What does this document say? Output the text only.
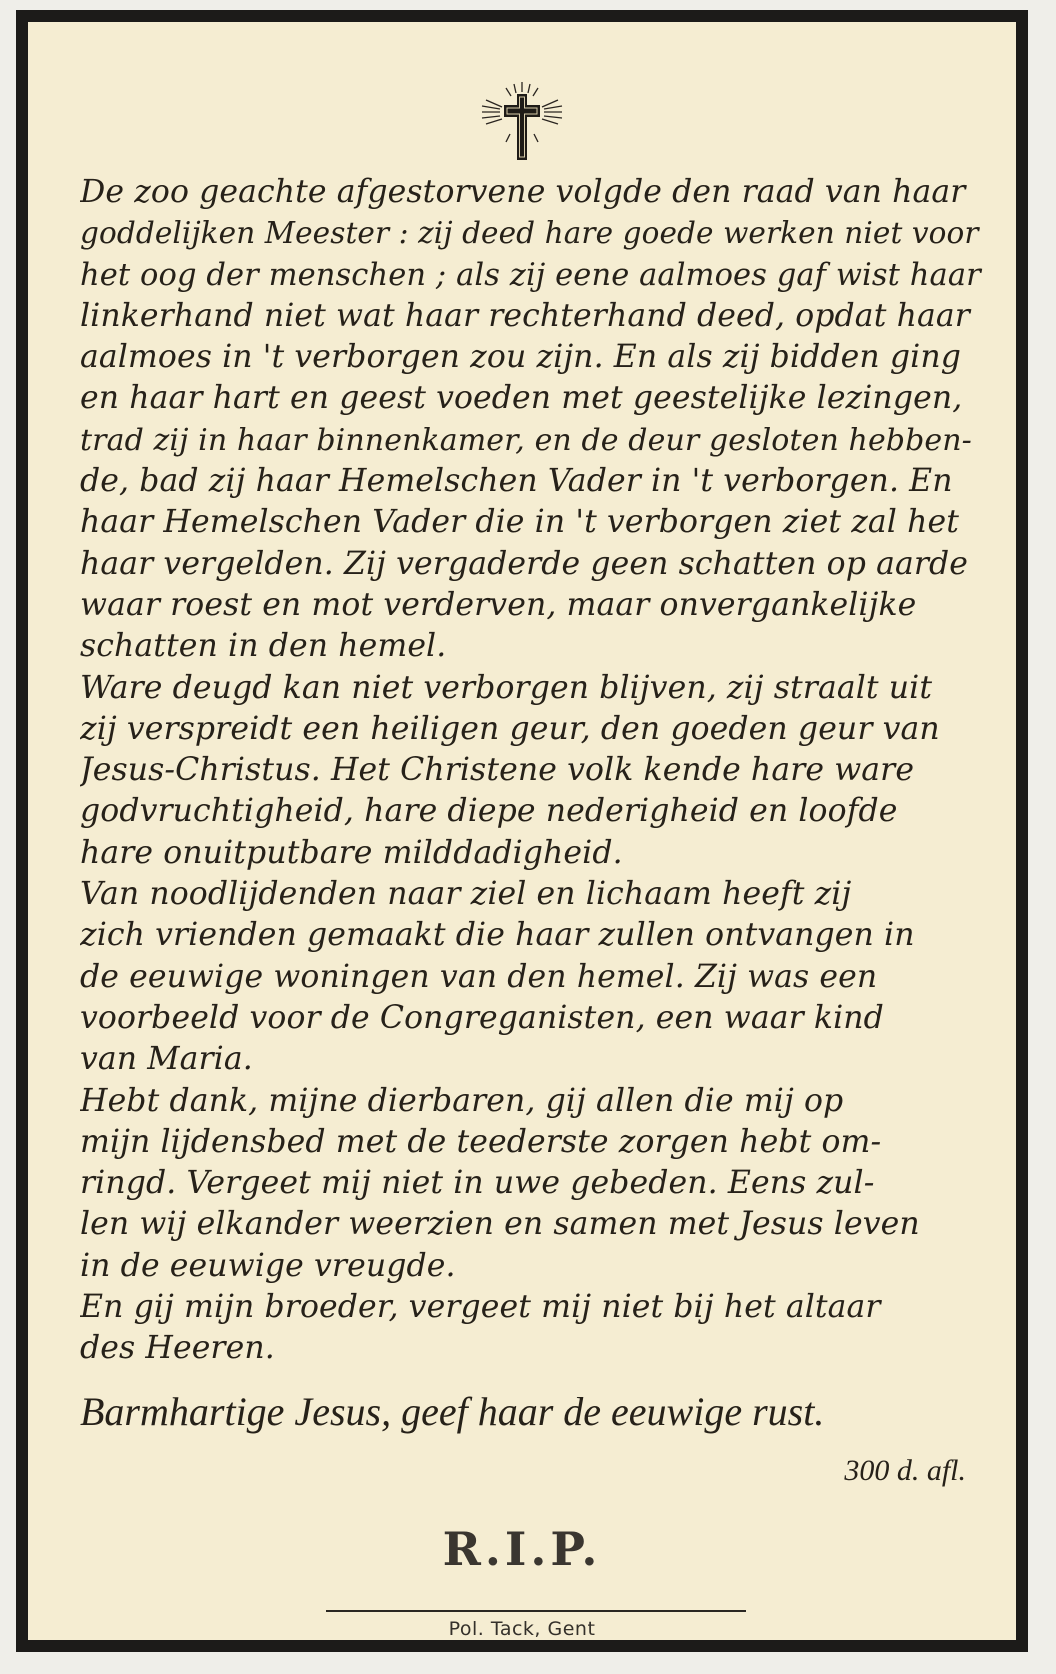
De zoo geachte afgestorvene volgde den raad van haar
goddelijken Meester : zij deed hare goede werken niet voor
het oog der menschen ; als zij eene aalmoes gaf wist haar
linkerhand niet wat haar rechterhand deed, opdat haar
aalmoes in 't verborgen zou zijn. En als zij bidden ging
en haar hart en geest voeden met geestelijke lezingen,
trad zij in haar binnenkamer, en de deur gesloten hebben-
de, bad zij haar Hemelschen Vader in 't verborgen. En
haar Hemelschen Vader die in 't verborgen ziet zal het
haar vergelden. Zij vergaderde geen schatten op aarde
waar roest en mot verderven, maar onvergankelijke
schatten in den hemel.
Ware deugd kan niet verborgen blijven, zij straalt uit
zij verspreidt een heiligen geur, den goeden geur van
Jesus-Christus. Het Christene volk kende hare ware
godvruchtigheid, hare diepe nederigheid en loofde
hare onuitputbare milddadigheid.
Van noodlijdenden naar ziel en lichaam heeft zij
zich vrienden gemaakt die haar zullen ontvangen in
de eeuwige woningen van den hemel. Zij was een
voorbeeld voor de Congreganisten, een waar kind
van Maria.
Hebt dank, mijne dierbaren, gij allen die mij op
mijn lijdensbed met de teederste zorgen hebt om-
ringd. Vergeet mij niet in uwe gebeden. Eens zul-
len wij elkander weerzien en samen met Jesus leven
in de eeuwige vreugde.
En gij mijn broeder, vergeet mij niet bij het altaar
des Heeren.
Barmhartige Jesus, geef haar de eeuwige rust.
300 d. afl.
R.I.P.
Pol. Tack, Gent
